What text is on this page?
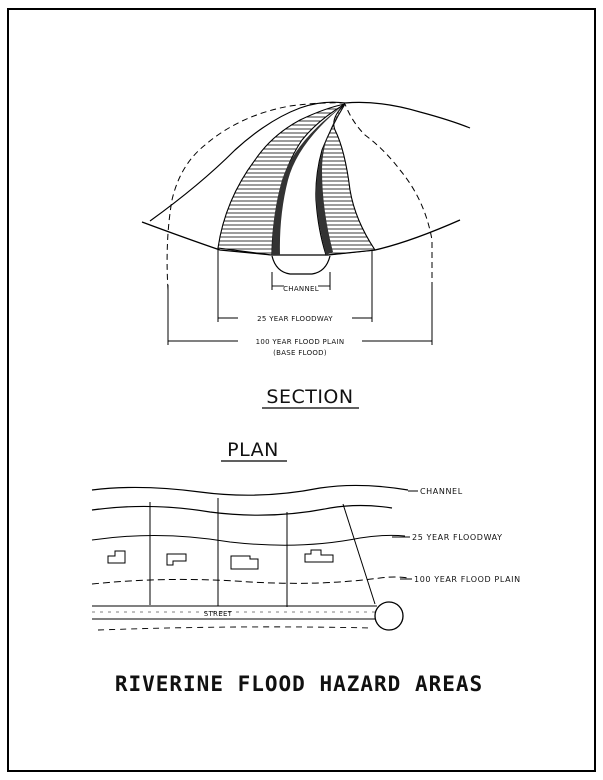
CHANNEL
25 YEAR FLOODWAY
100 YEAR FLOOD PLAIN
(BASE FLOOD)
SECTION
PLAN
STREET
CHANNEL
25 YEAR FLOODWAY
100 YEAR FLOOD PLAIN
RIVERINE FLOOD HAZARD AREAS
